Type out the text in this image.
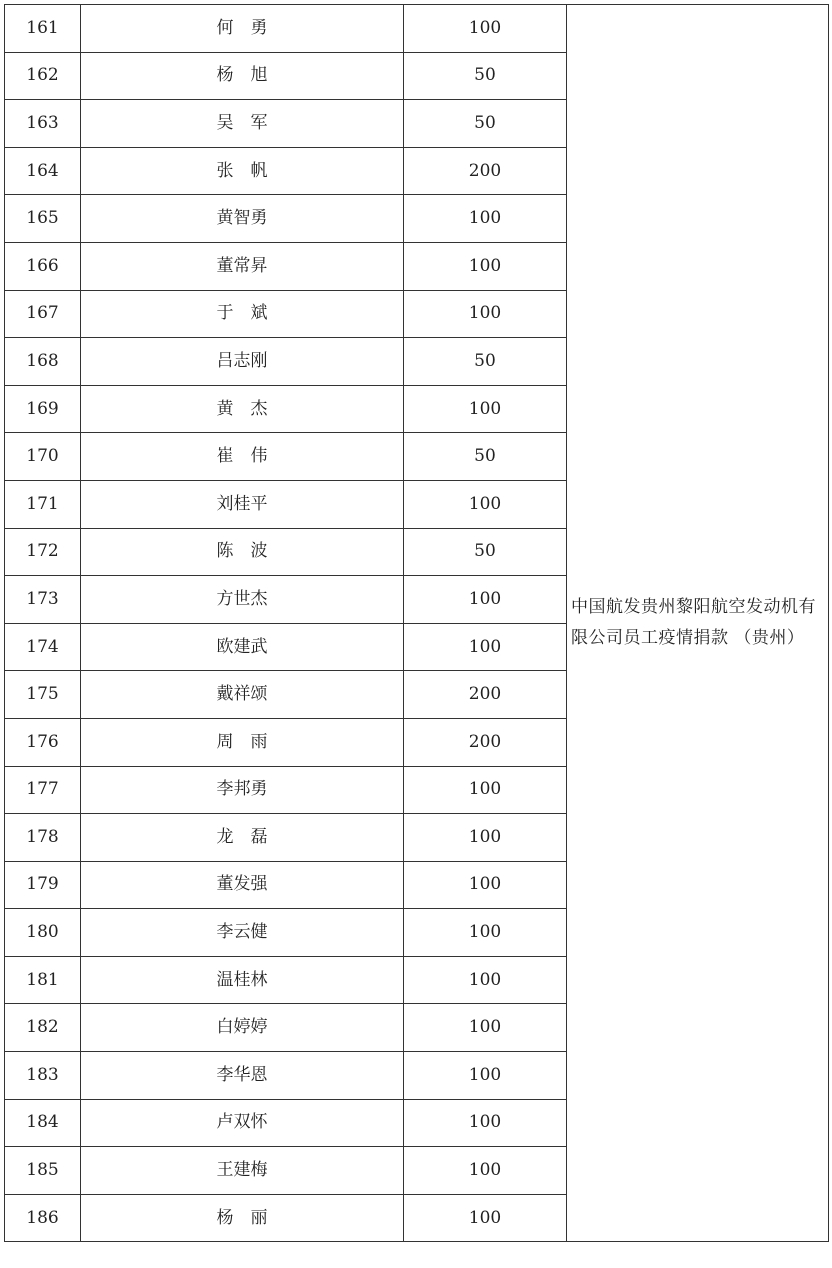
161	何　勇	100	中国航发贵州黎阳航空发动机有限公司员工疫情捐款 （贵州）
162	杨　旭	50	
163	吴　军	50	
164	张　帆	200	
165	黄智勇	100	
166	董常昇	100	
167	于　斌	100	
168	吕志刚	50	
169	黄　杰	100	
170	崔　伟	50	
171	刘桂平	100	
172	陈　波	50	
173	方世杰	100	
174	欧建武	100	
175	戴祥颂	200	
176	周　雨	200	
177	李邦勇	100	
178	龙　磊	100	
179	董发强	100	
180	李云健	100	
181	温桂林	100	
182	白婷婷	100	
183	李华恩	100	
184	卢双怀	100	
185	王建梅	100	
186	杨　丽	100	
